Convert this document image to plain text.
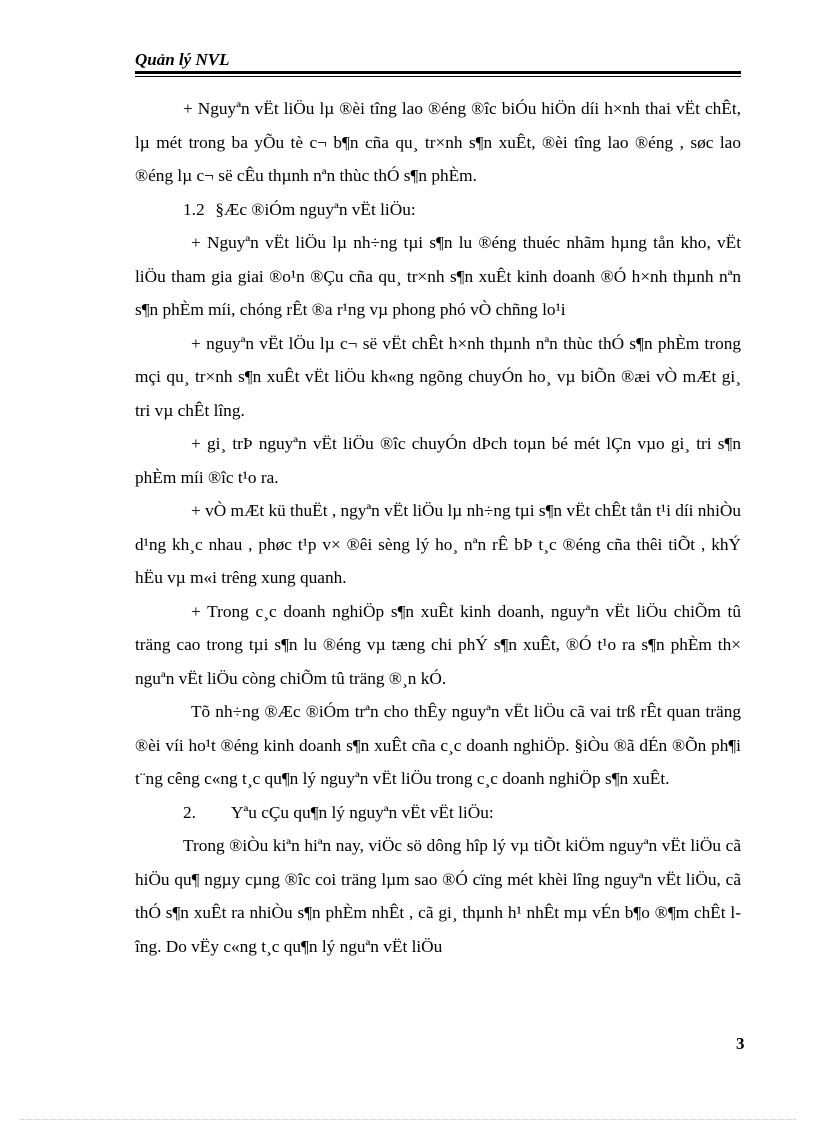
Quản lý NVL

+ Nguyªn vËt liÖu lµ ®èi tîng lao ®éng ®îc biÓu hiÖn díi h×nh thai vËt chÊt, lµ mét trong ba yÕu tè c¬ b¶n cña qu¸ tr×nh s¶n xuÊt, ®èi tîng lao ®éng , søc lao ®éng lµ c¬ së cÊu thµnh nªn thùc thÓ s¶n phÈm.

1.2 §Æc ®iÓm nguyªn vËt liÖu:

+ Nguyªn vËt liÖu lµ nh÷ng tµi s¶n lu ®éng thuéc nhãm hµng tån kho, vËt liÖu tham gia giai ®o¹n ®Çu cña qu¸ tr×nh s¶n xuÊt kinh doanh ®Ó h×nh thµnh nªn s¶n phÈm míi, chóng rÊt ®a r¹ng vµ phong phó vÒ chñng lo¹i

+ nguyªn vËt lÖu lµ c¬ së vËt chÊt h×nh thµnh nªn thùc thÓ s¶n phÈm trong mçi qu¸ tr×nh s¶n xuÊt vËt liÖu kh«ng ngõng chuyÓn ho¸ vµ biÕn ®æi vÒ mÆt gi¸ tri vµ chÊt lîng.

+ gi¸ trÞ nguyªn vËt liÖu ®îc chuyÓn dÞch toµn bé mét lÇn vµo gi¸ tri s¶n phÈm míi ®îc t¹o ra.

+ vÒ mÆt kü thuËt , ngyªn vËt liÖu lµ nh÷ng tµi s¶n vËt chÊt tån t¹i díi nhiÒu d¹ng kh¸c nhau , phøc t¹p v× ®êi sèng lý ho¸ nªn rÊ bÞ t¸c ®éng cña thêi tiÕt , khÝ hËu vµ m«i trêng xung quanh.

+ Trong c¸c doanh nghiÖp s¶n xuÊt kinh doanh, nguyªn vËt liÖu chiÕm tû träng cao trong tµi s¶n lu ®éng vµ tæng chi phÝ s¶n xuÊt, ®Ó t¹o ra s¶n phÈm th× nguªn vËt liÖu còng chiÕm tû träng ®¸n kÓ.

Tõ nh÷ng ®Æc ®iÓm trªn cho thÊy nguyªn vËt liÖu cã vai trß rÊt quan träng ®èi víi ho¹t ®éng kinh doanh s¶n xuÊt cña c¸c doanh nghiÖp. §iÒu ®ã dÉn ®Õn ph¶i t¨ng cêng c«ng t¸c qu¶n lý nguyªn vËt liÖu trong c¸c doanh nghiÖp s¶n xuÊt.

2. Yªu cÇu qu¶n lý nguyªn vËt vËt liÖu:

Trong ®iÒu kiªn hiªn nay, viÖc sö dông hîp lý vµ tiÕt kiÖm nguyªn vËt liÖu cã hiÖu qu¶ ngµy cµng ®îc coi träng lµm sao ®Ó cïng mét khèi lîng nguyªn vËt liÖu, cã thÓ s¶n xuÊt ra nhiÒu s¶n phÈm nhÊt , cã gi¸ thµnh h¹ nhÊt mµ vÉn b¶o ®¶m chÊt lîng. Do vËy c«ng t¸c qu¶n lý nguªn vËt liÖu

3
